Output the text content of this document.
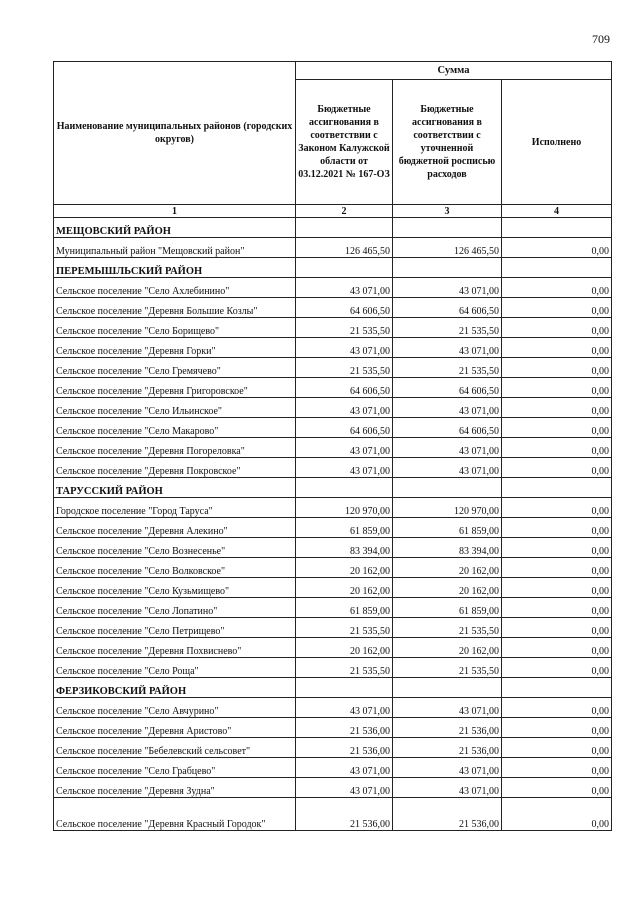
709
Наименование муниципальных районов (городских округов)	Сумма		
	Бюджетные ассигнования в соответствии с Законом Калужской области от 03.12.2021 № 167-ОЗ	Бюджетные ассигнования в соответствии с уточненной бюджетной росписью расходов	Исполнено
1	2	3	4
МЕЩОВСКИЙ РАЙОН			
Муниципальный район "Мещовский район"	126 465,50	126 465,50	0,00
ПЕРЕМЫШЛЬСКИЙ РАЙОН			
Сельское поселение "Село Ахлебинино"	43 071,00	43 071,00	0,00
Сельское поселение "Деревня Большие Козлы"	64 606,50	64 606,50	0,00
Сельское поселение "Село Борищево"	21 535,50	21 535,50	0,00
Сельское поселение "Деревня Горки"	43 071,00	43 071,00	0,00
Сельское поселение "Село Гремячево"	21 535,50	21 535,50	0,00
Сельское поселение "Деревня Григоровское"	64 606,50	64 606,50	0,00
Сельское поселение "Село Ильинское"	43 071,00	43 071,00	0,00
Сельское поселение "Село Макарово"	64 606,50	64 606,50	0,00
Сельское поселение "Деревня Погореловка"	43 071,00	43 071,00	0,00
Сельское поселение "Деревня Покровское"	43 071,00	43 071,00	0,00
ТАРУССКИЙ РАЙОН			
Городское поселение "Город Таруса"	120 970,00	120 970,00	0,00
Сельское поселение "Деревня Алекино"	61 859,00	61 859,00	0,00
Сельское поселение "Село Вознесенье"	83 394,00	83 394,00	0,00
Сельское поселение "Село Волковское"	20 162,00	20 162,00	0,00
Сельское поселение "Село Кузьмищево"	20 162,00	20 162,00	0,00
Сельское поселение "Село Лопатино"	61 859,00	61 859,00	0,00
Сельское поселение "Село Петрищево"	21 535,50	21 535,50	0,00
Сельское поселение "Деревня Похвиснево"	20 162,00	20 162,00	0,00
Сельское поселение "Село Роща"	21 535,50	21 535,50	0,00
ФЕРЗИКОВСКИЙ РАЙОН			
Сельское поселение "Село Авчурино"	43 071,00	43 071,00	0,00
Сельское поселение "Деревня Аристово"	21 536,00	21 536,00	0,00
Сельское поселение "Бебелевский сельсовет"	21 536,00	21 536,00	0,00
Сельское поселение "Село Грабцево"	43 071,00	43 071,00	0,00
Сельское поселение "Деревня Зудна"	43 071,00	43 071,00	0,00
Сельское поселение "Деревня Красный Городок"	21 536,00	21 536,00	0,00
